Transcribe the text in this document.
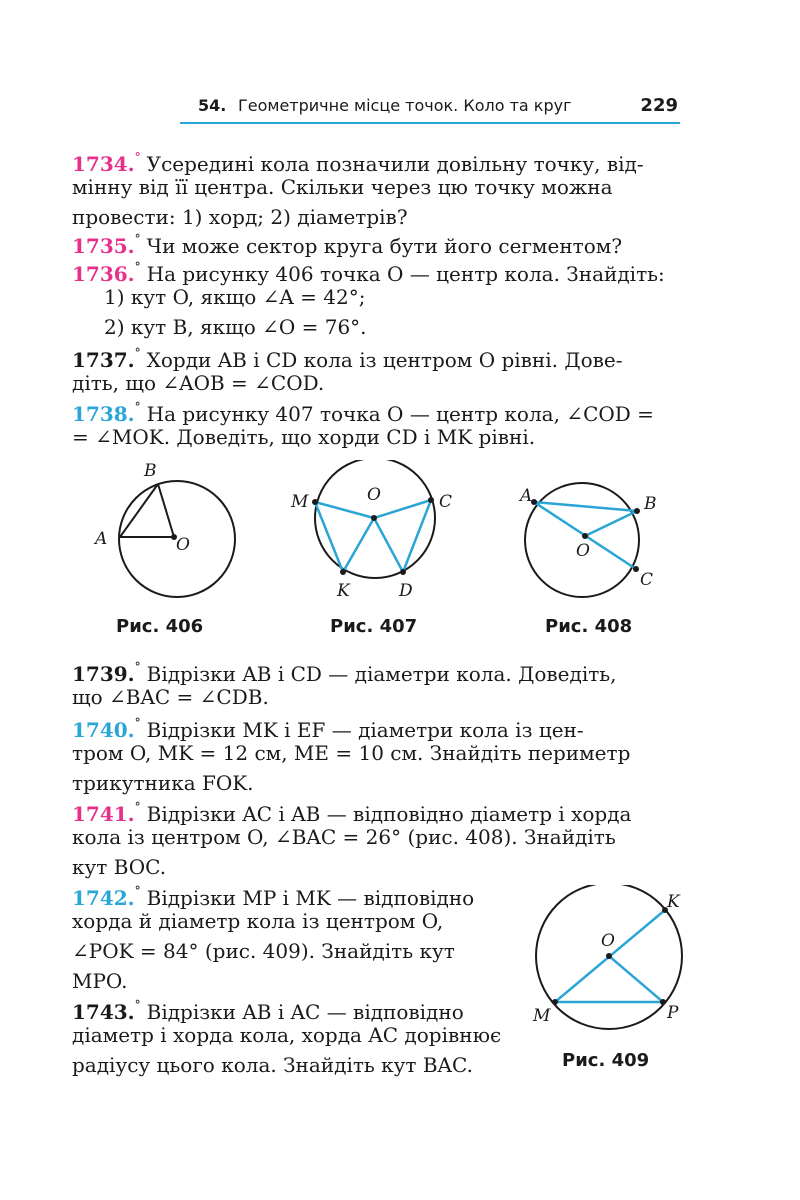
54. Геометричне місце точок. Коло та круг	229
1734.° Усередині кола позначили довільну точку, від-
мінну від її центра. Скільки через цю точку можна
провести: 1) хорд; 2) діаметрів?
1735.° Чи може сектор круга бути його сегментом?
1736.° На рисунку 406 точка O — центр кола. Знайдіть:
1) кут O, якщо ∠A = 42°;
2) кут B, якщо ∠O = 76°.
1737.° Хорди AB і CD кола із центром O рівні. Дове-
діть, що ∠AOB = ∠COD.
1738.° На рисунку 407 точка O — центр кола, ∠COD =
= ∠MOK. Доведіть, що хорди CD і MK рівні.
A
B
O
Рис. 406
M	O	C
K	D
Рис. 407
A	B
O
C
Рис. 408
1739.° Відрізки AB і CD — діаметри кола. Доведіть,
що ∠BAC = ∠CDB.
1740.° Відрізки MK і EF — діаметри кола із цен-
тром O, MK = 12 см, ME = 10 см. Знайдіть периметр
трикутника FOK.
1741.° Відрізки AC і AB — відповідно діаметр і хорда
кола із центром O, ∠BAC = 26° (рис. 408). Знайдіть
кут BOC.
1742.° Відрізки MP і MK — відповідно
хорда й діаметр кола із центром O,
∠POK = 84° (рис. 409). Знайдіть кут
MPO.
1743.° Відрізки AB і AC — відповідно
діаметр і хорда кола, хорда AC дорівнює
радіусу цього кола. Знайдіть кут BAC.
K
O
M	P
Рис. 409
